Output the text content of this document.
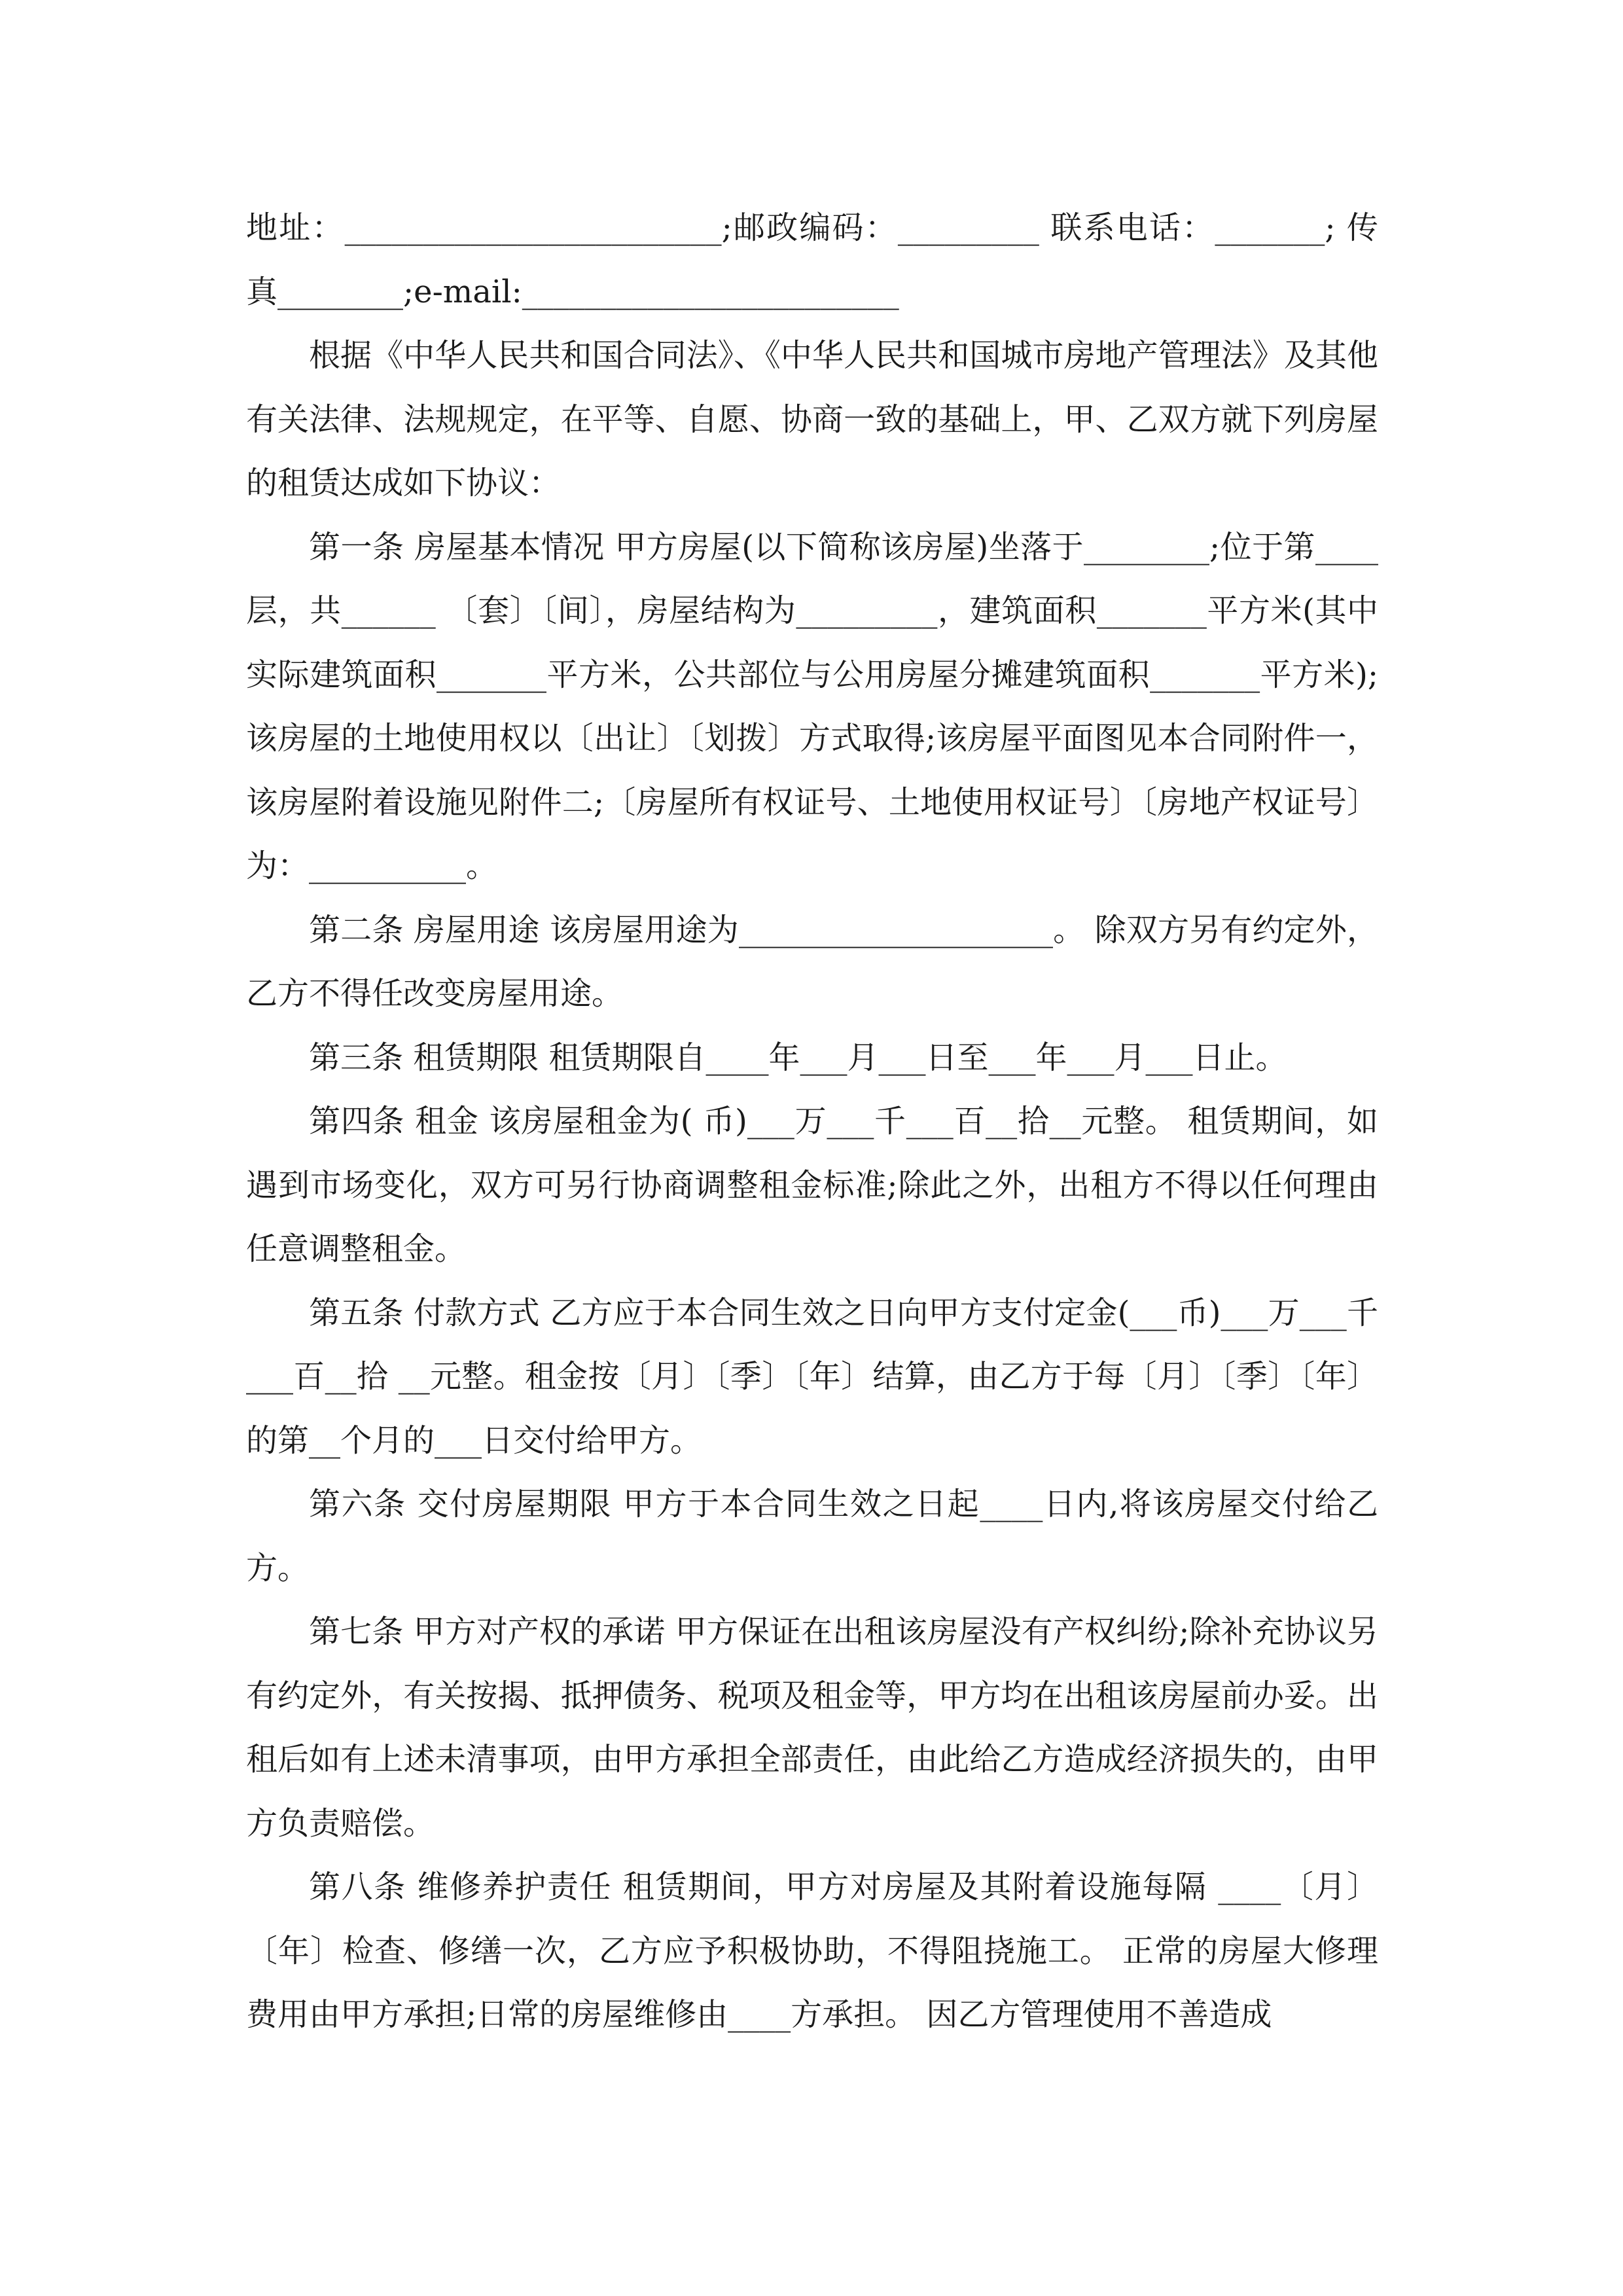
地址：________________________;邮政编码：_________ 联系电话：_______; 传真________;e-mail:________________________

根据《中华人民共和国合同法》、《中华人民共和国城市房地产管理法》及其他有关法律、法规规定，在平等、自愿、协商一致的基础上，甲、乙双方就下列房屋的租赁达成如下协议：

第一条 房屋基本情况 甲方房屋(以下简称该房屋)坐落于________;位于第____层，共______ 〔套〕〔间〕，房屋结构为_________，建筑面积_______平方米(其中实际建筑面积_______平方米，公共部位与公用房屋分摊建筑面积_______平方米);该房屋的土地使用权以〔出让〕〔划拨〕方式取得;该房屋平面图见本合同附件一，该房屋附着设施见附件二;〔房屋所有权证号、土地使用权证号〕〔房地产权证号〕为：__________。

第二条 房屋用途 该房屋用途为____________________。 除双方另有约定外，乙方不得任改变房屋用途。

第三条 租赁期限 租赁期限自____年___月___日至___年___月___日止。

第四条 租金 该房屋租金为( 币)___万___千___百__拾__元整。 租赁期间，如遇到市场变化，双方可另行协商调整租金标准;除此之外，出租方不得以任何理由任意调整租金。

第五条 付款方式 乙方应于本合同生效之日向甲方支付定金(___币)___万___千___百__拾 __元整。租金按〔月〕〔季〕〔年〕结算，由乙方于每〔月〕〔季〕〔年〕的第__个月的___日交付给甲方。

第六条 交付房屋期限 甲方于本合同生效之日起____日内,将该房屋交付给乙方。

第七条 甲方对产权的承诺 甲方保证在出租该房屋没有产权纠纷;除补充协议另有约定外，有关按揭、抵押债务、税项及租金等，甲方均在出租该房屋前办妥。出租后如有上述未清事项，由甲方承担全部责任，由此给乙方造成经济损失的，由甲方负责赔偿。

第八条 维修养护责任 租赁期间，甲方对房屋及其附着设施每隔 ____〔月〕〔年〕检查、修缮一次，乙方应予积极协助，不得阻挠施工。 正常的房屋大修理费用由甲方承担;日常的房屋维修由____方承担。 因乙方管理使用不善造成
